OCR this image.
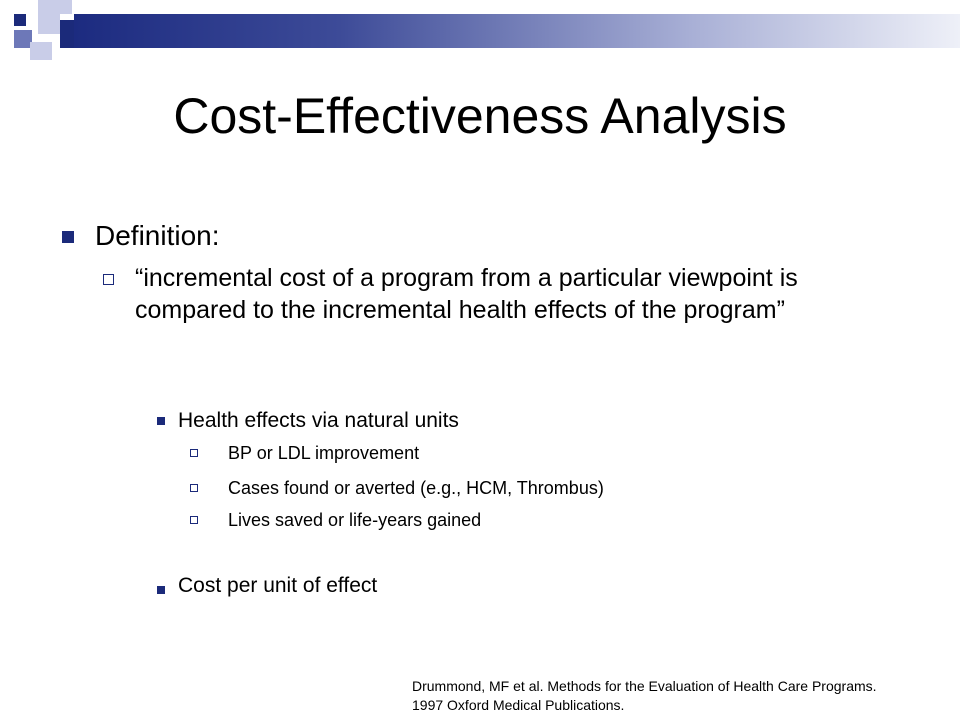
Cost-Effectiveness Analysis
Definition:
“incremental cost of a program from a particular viewpoint is compared to the incremental health effects of the program”
Health effects via natural units
BP or LDL improvement
Cases found or averted (e.g., HCM, Thrombus)
Lives saved or life-years gained
Cost per unit of effect
Drummond, MF et al. Methods for the Evaluation of Health Care Programs.
1997 Oxford Medical Publications.
